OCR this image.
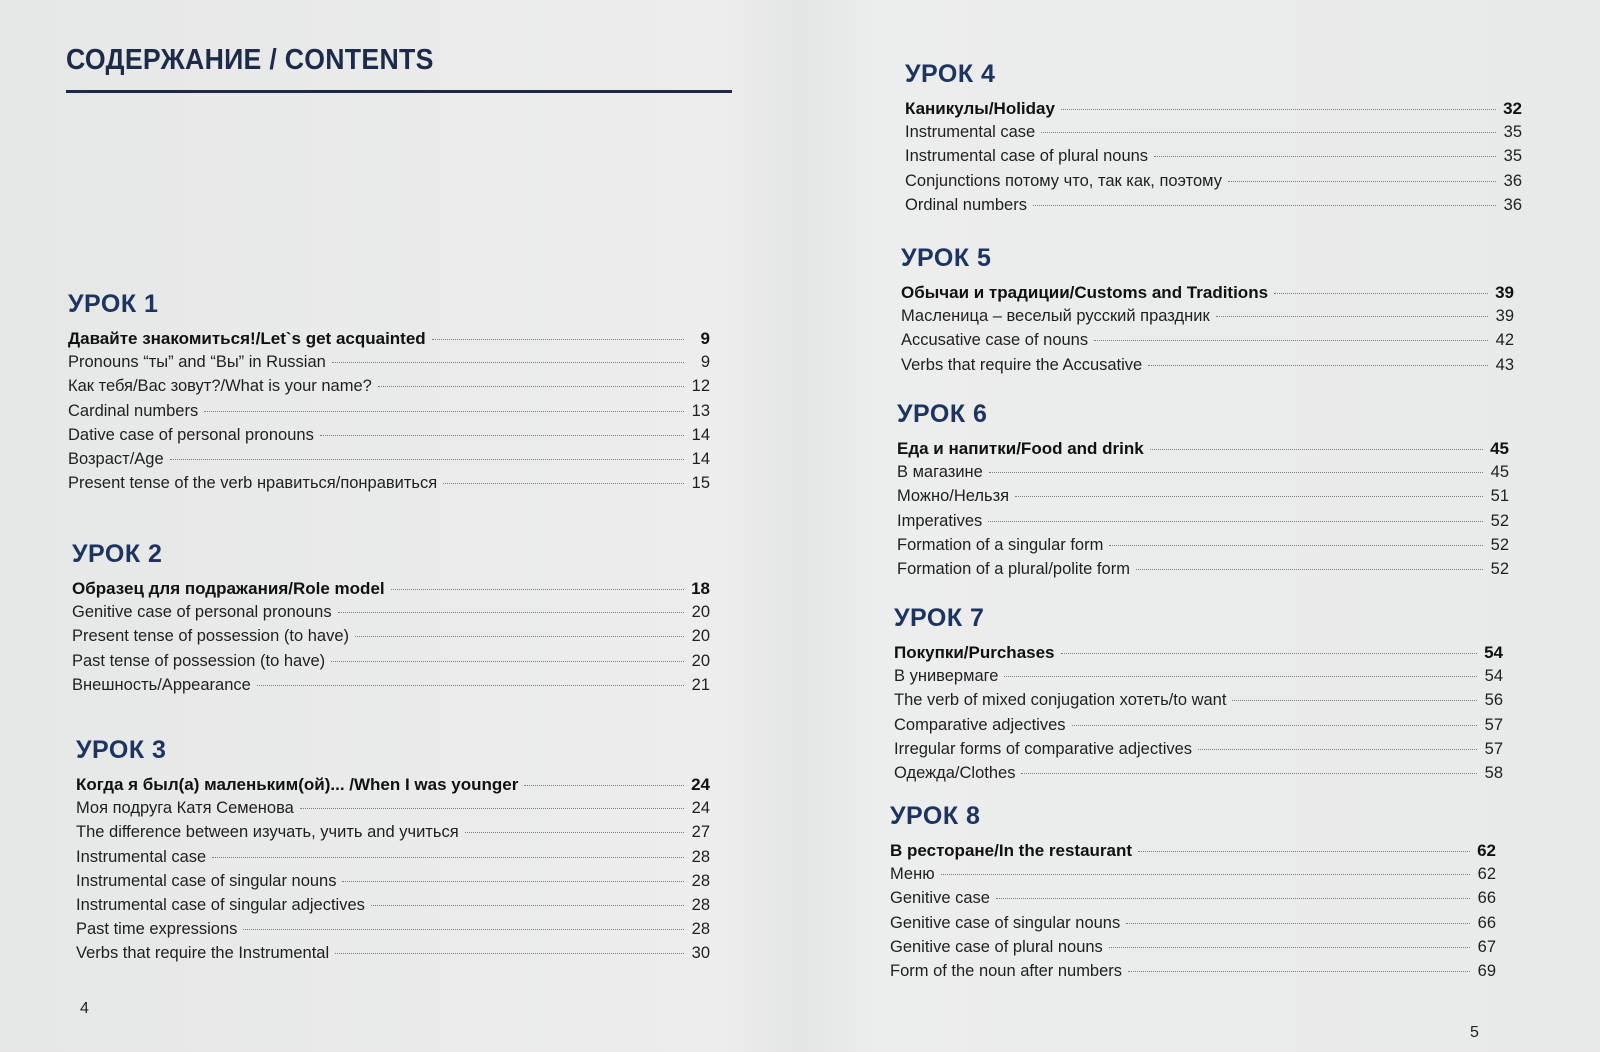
СОДЕРЖАНИЕ / CONTENTS
УРОК 1
Давайте знакомиться!/Let`s get acquainted	9
Pronouns “ты” and “Вы” in Russian	9
Как тебя/Вас зовут?/What is your name?	12
Cardinal numbers	13
Dative case of personal pronouns	14
Возраст/Age	14
Present tense of the verb нравиться/понравиться	15
УРОК 2
Образец для подражания/Role model	18
Genitive case of personal pronouns	20
Present tense of possession (to have)	20
Past tense of possession (to have)	20
Внешность/Appearance	21
УРОК 3
Когда я был(а) маленьким(ой)... /When I was younger	24
Моя подруга Катя Семенова	24
The difference between изучать, учить and учиться	27
Instrumental case	28
Instrumental case of singular nouns	28
Instrumental case of singular adjectives	28
Past time expressions	28
Verbs that require the Instrumental	30
4
УРОК 4
Каникулы/Holiday	32
Instrumental case	35
Instrumental case of plural nouns	35
Conjunctions потому что, так как, поэтому	36
Ordinal numbers	36
УРОК 5
Обычаи и традиции/Customs and Traditions	39
Масленица – веселый русский праздник	39
Accusative case of nouns	42
Verbs that require the Accusative	43
УРОК 6
Еда и напитки/Food and drink	45
В магазине	45
Можно/Нельзя	51
Imperatives	52
Formation of a singular form	52
Formation of a plural/polite form	52
УРОК 7
Покупки/Purchases	54
В универмаге	54
The verb of mixed conjugation хотеть/to want	56
Comparative adjectives	57
Irregular forms of comparative adjectives	57
Одежда/Clothes	58
УРОК 8
В ресторане/In the restaurant	62
Меню	62
Genitive case	66
Genitive case of singular nouns	66
Genitive case of plural nouns	67
Form of the noun after numbers	69
5
